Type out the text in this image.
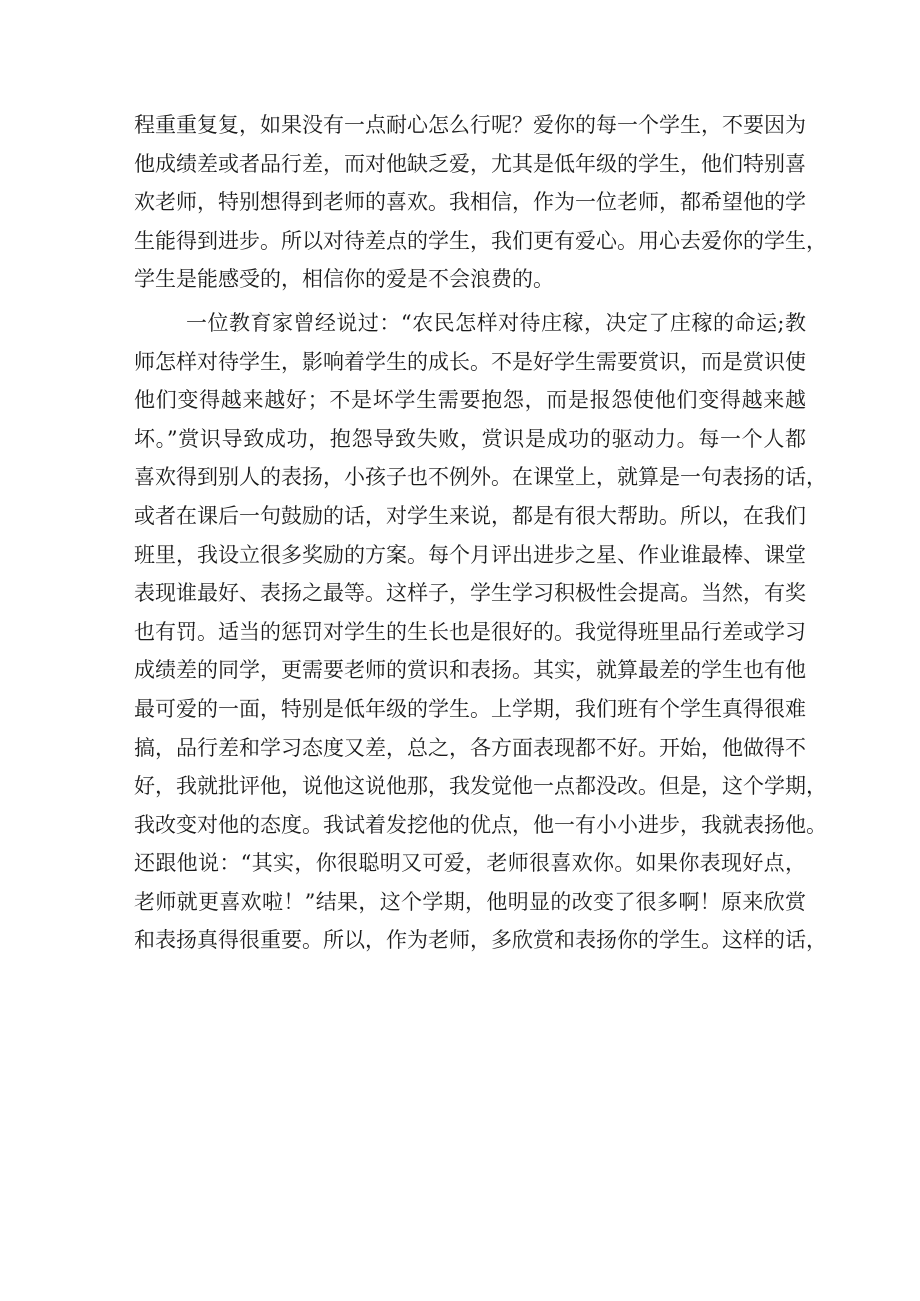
程重重复复，如果没有一点耐心怎么行呢？爱你的每一个学生，不要因为
他成绩差或者品行差，而对他缺乏爱，尤其是低年级的学生，他们特别喜
欢老师，特别想得到老师的喜欢。我相信，作为一位老师，都希望他的学
生能得到进步。所以对待差点的学生，我们更有爱心。用心去爱你的学生，
学生是能感受的，相信你的爱是不会浪费的。
一位教育家曾经说过：“农民怎样对待庄稼，决定了庄稼的命运;教
师怎样对待学生，影响着学生的成长。不是好学生需要赏识，而是赏识使
他们变得越来越好；不是坏学生需要抱怨，而是报怨使他们变得越来越
坏。”赏识导致成功，抱怨导致失败，赏识是成功的驱动力。每一个人都
喜欢得到别人的表扬，小孩子也不例外。在课堂上，就算是一句表扬的话，
或者在课后一句鼓励的话，对学生来说，都是有很大帮助。所以，在我们
班里，我设立很多奖励的方案。每个月评出进步之星、作业谁最棒、课堂
表现谁最好、表扬之最等。这样子，学生学习积极性会提高。当然，有奖
也有罚。适当的惩罚对学生的生长也是很好的。我觉得班里品行差或学习
成绩差的同学，更需要老师的赏识和表扬。其实，就算最差的学生也有他
最可爱的一面，特别是低年级的学生。上学期，我们班有个学生真得很难
搞，品行差和学习态度又差，总之，各方面表现都不好。开始，他做得不
好，我就批评他，说他这说他那，我发觉他一点都没改。但是，这个学期，
我改变对他的态度。我试着发挖他的优点，他一有小小进步，我就表扬他。
还跟他说：“其实，你很聪明又可爱，老师很喜欢你。如果你表现好点，
老师就更喜欢啦！”结果，这个学期，他明显的改变了很多啊！原来欣赏
和表扬真得很重要。所以，作为老师，多欣赏和表扬你的学生。这样的话，
